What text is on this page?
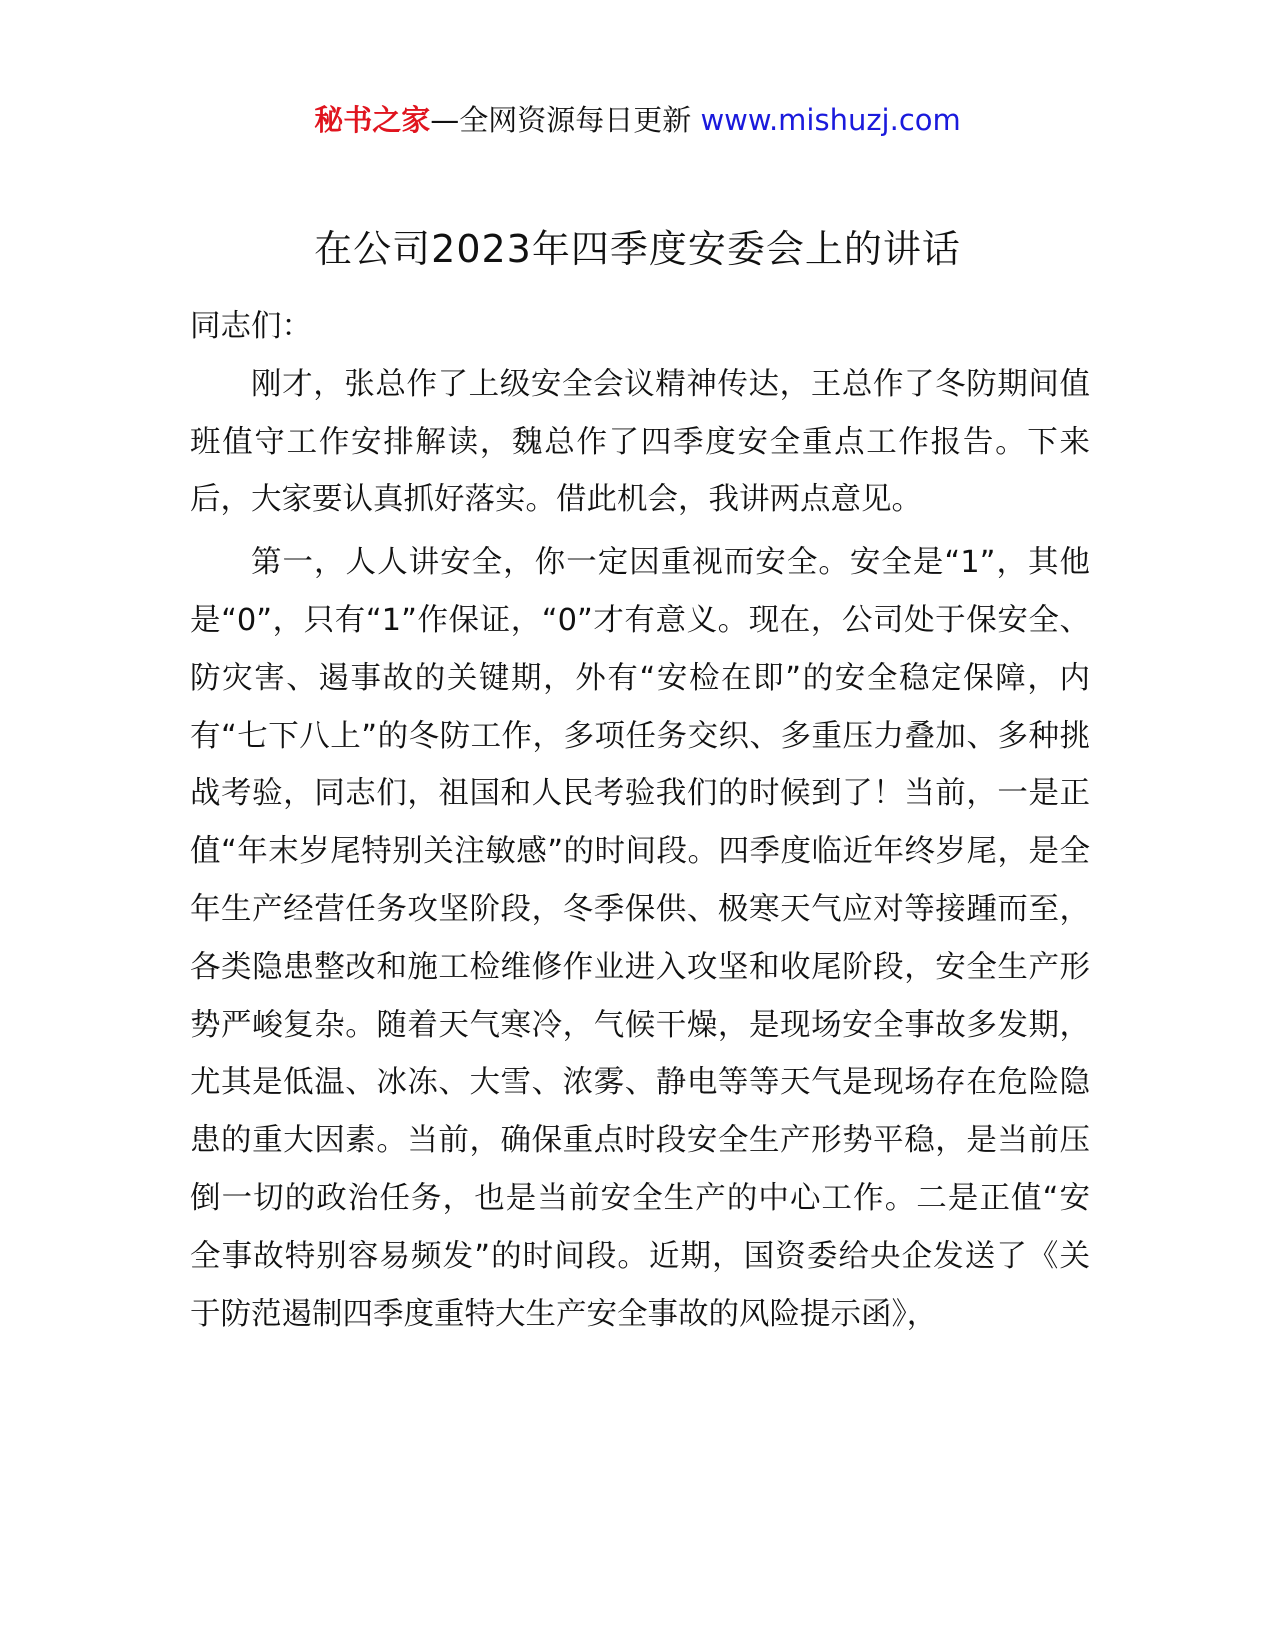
秘书之家—全网资源每日更新 www.mishuzj.com
在公司2023年四季度安委会上的讲话

同志们：

刚才，张总作了上级安全会议精神传达，王总作了冬防期间值班值守工作安排解读，魏总作了四季度安全重点工作报告。下来后，大家要认真抓好落实。借此机会，我讲两点意见。

第一，人人讲安全，你一定因重视而安全。安全是“1”，其他是“0”，只有“1”作保证，“0”才有意义。现在，公司处于保安全、防灾害、遏事故的关键期，外有“安检在即”的安全稳定保障，内有“七下八上”的冬防工作，多项任务交织、多重压力叠加、多种挑战考验，同志们，祖国和人民考验我们的时候到了！当前，一是正值“年末岁尾特别关注敏感”的时间段。四季度临近年终岁尾，是全年生产经营任务攻坚阶段，冬季保供、极寒天气应对等接踵而至，各类隐患整改和施工检维修作业进入攻坚和收尾阶段，安全生产形势严峻复杂。随着天气寒冷，气候干燥，是现场安全事故多发期，尤其是低温、冰冻、大雪、浓雾、静电等等天气是现场存在危险隐患的重大因素。当前，确保重点时段安全生产形势平稳，是当前压倒一切的政治任务，也是当前安全生产的中心工作。二是正值“安全事故特别容易频发”的时间段。近期，国资委给央企发送了《关于防范遏制四季度重特大生产安全事故的风险提示函》，
